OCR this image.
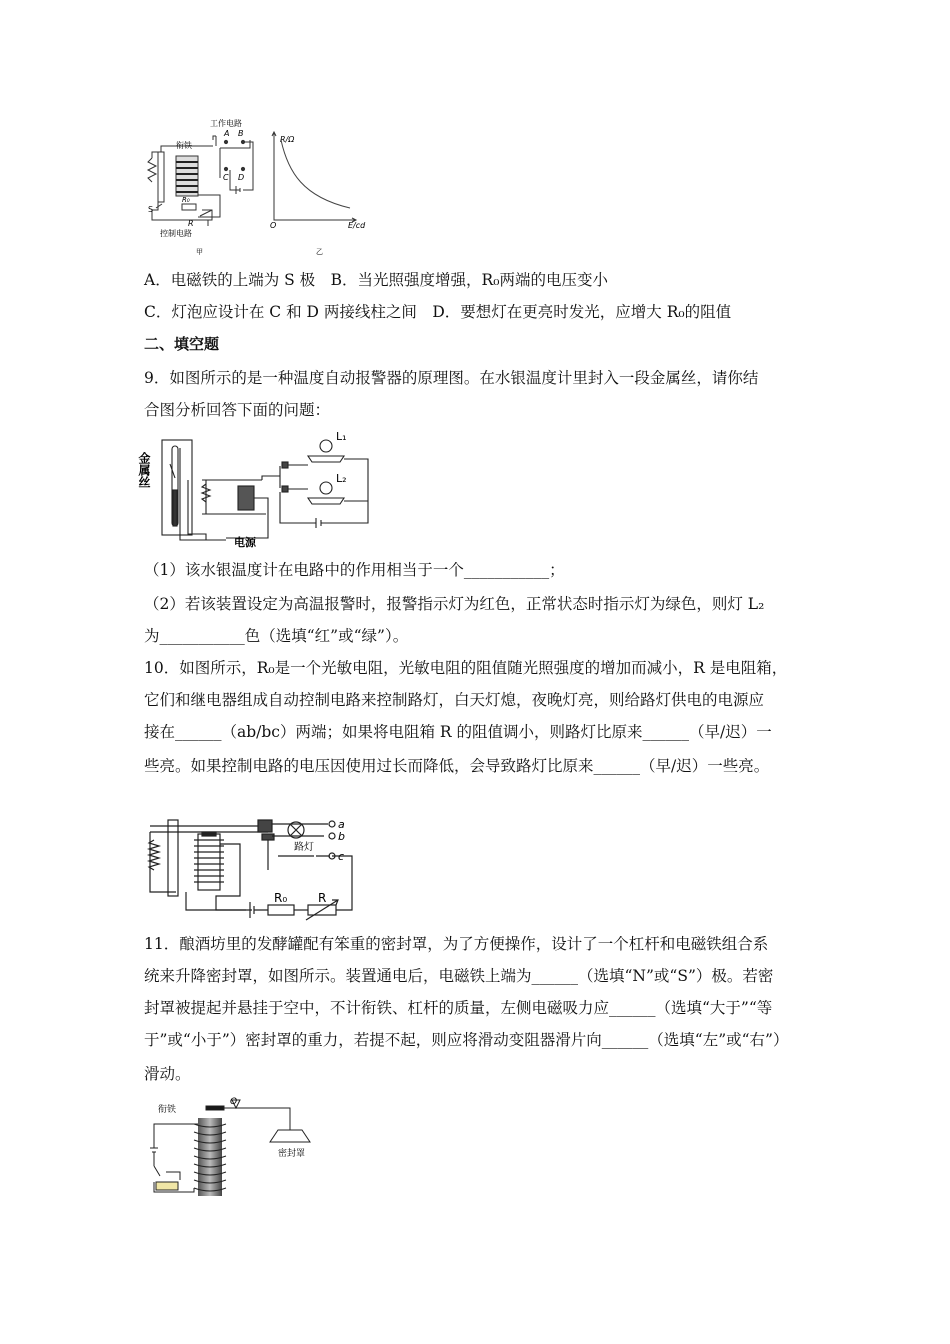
工作电路
A B
C D
衔铁
S
R₀
R
控制电路
甲
R/Ω
E/cd
O
乙
A．电磁铁的上端为 S 极　B．当光照强度增强，R₀两端的电压变小
C．灯泡应设计在 C 和 D 两接线柱之间　D．要想灯在更亮时发光，应增大 R₀的阻值
二、填空题
9．如图所示的是一种温度自动报警器的原理图。在水银温度计里封入一段金属丝，请你结
合图分析回答下面的问题：
金属丝
电源
L₁
L₂
（1）该水银温度计在电路中的作用相当于一个___________；
（2）若该装置设定为高温报警时，报警指示灯为红色，正常状态时指示灯为绿色，则灯 L₂
为___________色（选填“红”或“绿”）。
10．如图所示，R₀是一个光敏电阻，光敏电阻的阻值随光照强度的增加而减小，R 是电阻箱，
它们和继电器组成自动控制电路来控制路灯，白天灯熄，夜晚灯亮，则给路灯供电的电源应
接在______（ab/bc）两端；如果将电阻箱 R 的阻值调小，则路灯比原来______（早/迟）一
些亮。如果控制电路的电压因使用过长而降低，会导致路灯比原来______（早/迟）一些亮。
a
b
c
路灯
R₀	R
11．酿酒坊里的发酵罐配有笨重的密封罩，为了方便操作，设计了一个杠杆和电磁铁组合系
统来升降密封罩，如图所示。装置通电后，电磁铁上端为______（选填“N”或“S”）极。若密
封罩被提起并悬挂于空中，不计衔铁、杠杆的质量，左侧电磁吸力应______（选填“大于”“等
于”或“小于”）密封罩的重力，若提不起，则应将滑动变阻器滑片向______（选填“左”或“右”）
滑动。
衔铁
O
密封罩
